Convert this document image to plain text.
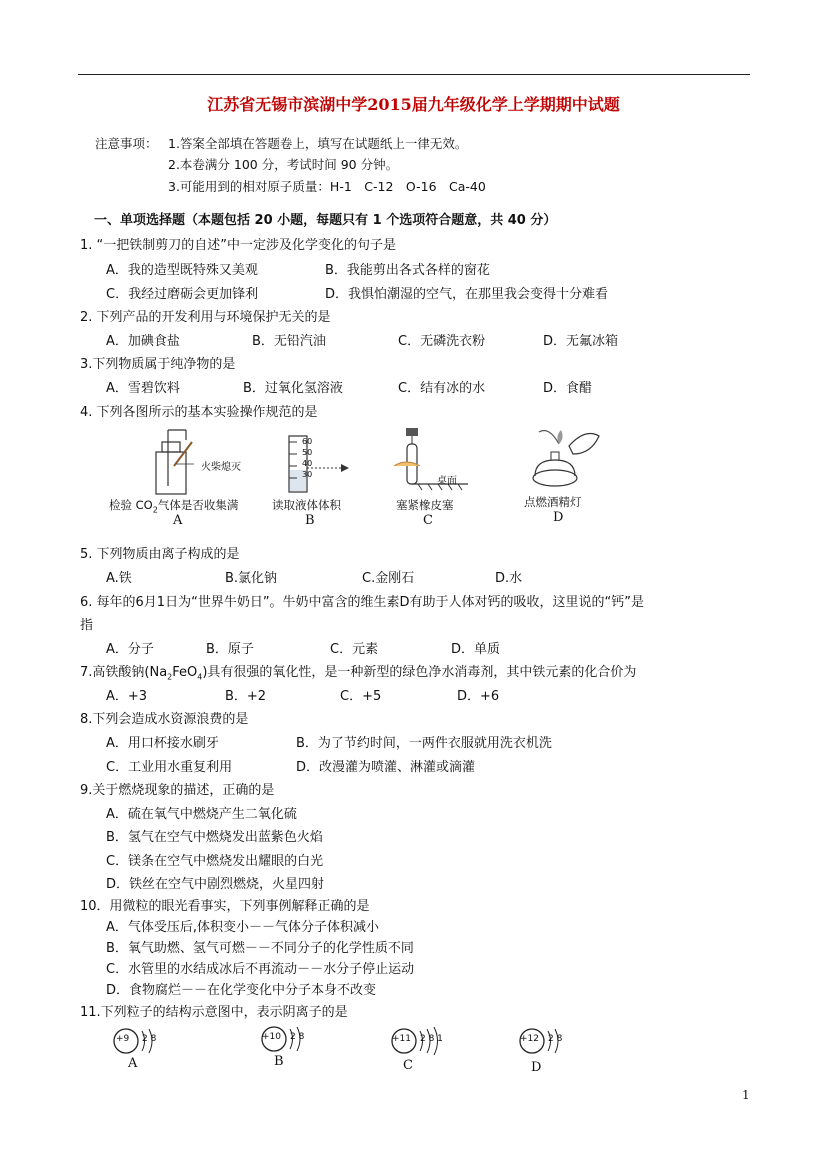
江苏省无锡市滨湖中学2015届九年级化学上学期期中试题
注意事项： 1.答案全部填在答题卷上，填写在试题纸上一律无效。
2.本卷满分 100 分，考试时间 90 分钟。
3.可能用到的相对原子质量：H-1　C-12　O-16　Ca-40
一、单项选择题（本题包括 20 小题，每题只有 1 个选项符合题意，共 40 分）
1. “一把铁制剪刀的自述”中一定涉及化学变化的句子是
A．我的造型既特殊又美观	B．我能剪出各式各样的窗花
C．我经过磨砺会更加锋利	D．我惧怕潮湿的空气，在那里我会变得十分难看
2. 下列产品的开发利用与环境保护无关的是
A．加碘食盐	B．无铅汽油	C．无磷洗衣粉	D．无氟冰箱
3.下列物质属于纯净物的是
A．雪碧饮料	B．过氧化氢溶液	C．结有冰的水	D．食醋
4. 下列各图所示的基本实验操作规范的是
火柴熄灭
检验 $CO_2$气体是否收集满
A
60
50
40
30
读取液体体积
B
桌面
塞紧橡皮塞
C
点燃酒精灯
D
5. 下列物质由离子构成的是
A.铁	B.氯化钠	C.金刚石	D.水
6. 每年的6月1日为“世界牛奶日”。牛奶中富含的维生素D有助于人体对钙的吸收，这里说的“钙”是
指
A．分子	B．原子	C．元素	D．单质
7.高铁酸钠$(Na_2FeO_4)$具有很强的氧化性，是一种新型的绿色净水消毒剂，其中铁元素的化合价为
A．+3	B．+2	C．+5	D．+6
8.下列会造成水资源浪费的是
A．用口杯接水刷牙	B．为了节约时间，一两件衣服就用洗衣机洗
C．工业用水重复利用	D．改漫灌为喷灌、淋灌或滴灌
9.关于燃烧现象的描述，正确的是
A．硫在氧气中燃烧产生二氧化硫
B．氢气在空气中燃烧发出蓝紫色火焰
C．镁条在空气中燃烧发出耀眼的白光
D．铁丝在空气中剧烈燃烧，火星四射
10．用微粒的眼光看事实，下列事例解释正确的是
A．气体受压后,体积变小－－气体分子体积减小
B．氧气助燃、氢气可燃－－不同分子的化学性质不同
C．水管里的水结成冰后不再流动－－水分子停止运动
D．食物腐烂－－在化学变化中分子本身不改变
11.下列粒子的结构示意图中，表示阴离子的是
+9 2 8
A
+10 2 8
B
+11 2 8 1
C
+12 2 8
D
1
